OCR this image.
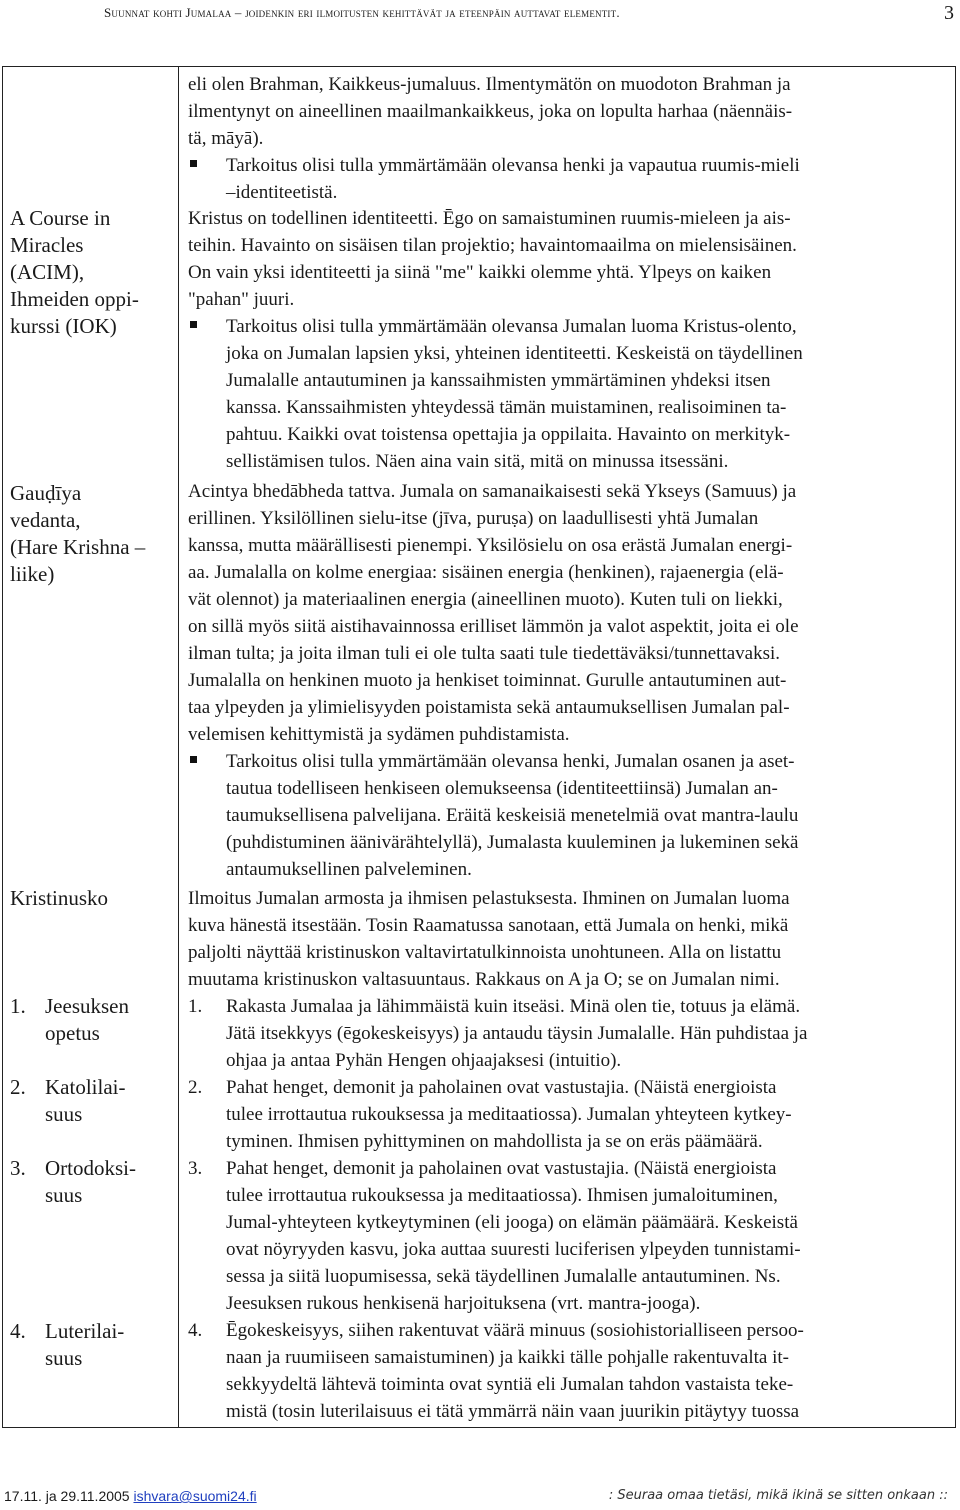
Suunnat kohti Jumalaa – joidenkin eri ilmoitusten kehittävät ja eteenpäin auttavat elementit.	3
A Course in
Miracles
(ACIM),
Ihmeiden oppi-
kurssi (IOK)
Gauḍīya
vedanta,
(Hare Krishna –
liike)
Kristinusko
1. Jeesuksen
opetus
2. Katolilai-
suus
3. Ortodoksi-
suus
4. Luterilai-
suus
eli olen Brahman, Kaikkeus-jumaluus. Ilmentymätön on muodoton Brahman ja
ilmentynyt on aineellinen maailmankaikkeus, joka on lopulta harhaa (näennäis-
tä, māyā).
Tarkoitus olisi tulla ymmärtämään olevansa henki ja vapautua ruumis-mieli
–identiteetistä.
Kristus on todellinen identiteetti. Ēgo on samaistuminen ruumis-mieleen ja ais-
teihin. Havainto on sisäisen tilan projektio; havaintomaailma on mielensisäinen.
On vain yksi identiteetti ja siinä "me" kaikki olemme yhtä. Ylpeys on kaiken
"pahan" juuri.
Tarkoitus olisi tulla ymmärtämään olevansa Jumalan luoma Kristus-olento,
joka on Jumalan lapsien yksi, yhteinen identiteetti. Keskeistä on täydellinen
Jumalalle antautuminen ja kanssaihmisten ymmärtäminen yhdeksi itsen
kanssa. Kanssaihmisten yhteydessä tämän muistaminen, realisoiminen ta-
pahtuu. Kaikki ovat toistensa opettajia ja oppilaita. Havainto on merkityk-
sellistämisen tulos. Näen aina vain sitä, mitä on minussa itsessäni.
Acintya bhedābheda tattva. Jumala on samanaikaisesti sekä Ykseys (Samuus) ja
erillinen. Yksilöllinen sielu-itse (jīva, puruṣa) on laadullisesti yhtä Jumalan
kanssa, mutta määrällisesti pienempi. Yksilösielu on osa erästä Jumalan energi-
aa. Jumalalla on kolme energiaa: sisäinen energia (henkinen), rajaenergia (elä-
vät olennot) ja materiaalinen energia (aineellinen muoto). Kuten tuli on liekki,
on sillä myös siitä aistihavainnossa erilliset lämmön ja valot aspektit, joita ei ole
ilman tulta; ja joita ilman tuli ei ole tulta saati tule tiedettäväksi/tunnettavaksi.
Jumalalla on henkinen muoto ja henkiset toiminnat. Gurulle antautuminen aut-
taa ylpeyden ja ylimielisyyden poistamista sekä antaumuksellisen Jumalan pal-
velemisen kehittymistä ja sydämen puhdistamista.
Tarkoitus olisi tulla ymmärtämään olevansa henki, Jumalan osanen ja aset-
tautua todelliseen henkiseen olemukseensa (identiteettiinsä) Jumalan an-
taumuksellisena palvelijana. Eräitä keskeisiä menetelmiä ovat mantra-laulu
(puhdistuminen äänivärähtelyllä), Jumalasta kuuleminen ja lukeminen sekä
antaumuksellinen palveleminen.
Ilmoitus Jumalan armosta ja ihmisen pelastuksesta. Ihminen on Jumalan luoma
kuva hänestä itsestään. Tosin Raamatussa sanotaan, että Jumala on henki, mikä
paljolti näyttää kristinuskon valtavirtatulkinnoista unohtuneen. Alla on listattu
muutama kristinuskon valtasuuntaus. Rakkaus on A ja O; se on Jumalan nimi.
1. Rakasta Jumalaa ja lähimmäistä kuin itseäsi. Minä olen tie, totuus ja elämä.
Jätä itsekkyys (ēgokeskeisyys) ja antaudu täysin Jumalalle. Hän puhdistaa ja
ohjaa ja antaa Pyhän Hengen ohjaajaksesi (intuitio).
2. Pahat henget, demonit ja paholainen ovat vastustajia. (Näistä energioista
tulee irrottautua rukouksessa ja meditaatiossa). Jumalan yhteyteen kytkey-
tyminen. Ihmisen pyhittyminen on mahdollista ja se on eräs päämäärä.
3. Pahat henget, demonit ja paholainen ovat vastustajia. (Näistä energioista
tulee irrottautua rukouksessa ja meditaatiossa). Ihmisen jumaloituminen,
Jumal-yhteyteen kytkeytyminen (eli jooga) on elämän päämäärä. Keskeistä
ovat nöyryyden kasvu, joka auttaa suuresti luciferisen ylpeyden tunnistami-
sessa ja siitä luopumisessa, sekä täydellinen Jumalalle antautuminen. Ns.
Jeesuksen rukous henkisenä harjoituksena (vrt. mantra-jooga).
4. Ēgokeskeisyys, siihen rakentuvat väärä minuus (sosiohistorialliseen persoo-
naan ja ruumiiseen samaistuminen) ja kaikki tälle pohjalle rakentuvalta it-
sekkyydeltä lähtevä toiminta ovat syntiä eli Jumalan tahdon vastaista teke-
mistä (tosin luterilaisuus ei tätä ymmärrä näin vaan juurikin pitäytyy tuossa
17.11. ja 29.11.2005 ishvara@suomi24.fi	: Seuraa omaa tietäsi, mikä ikinä se sitten onkaan ::
